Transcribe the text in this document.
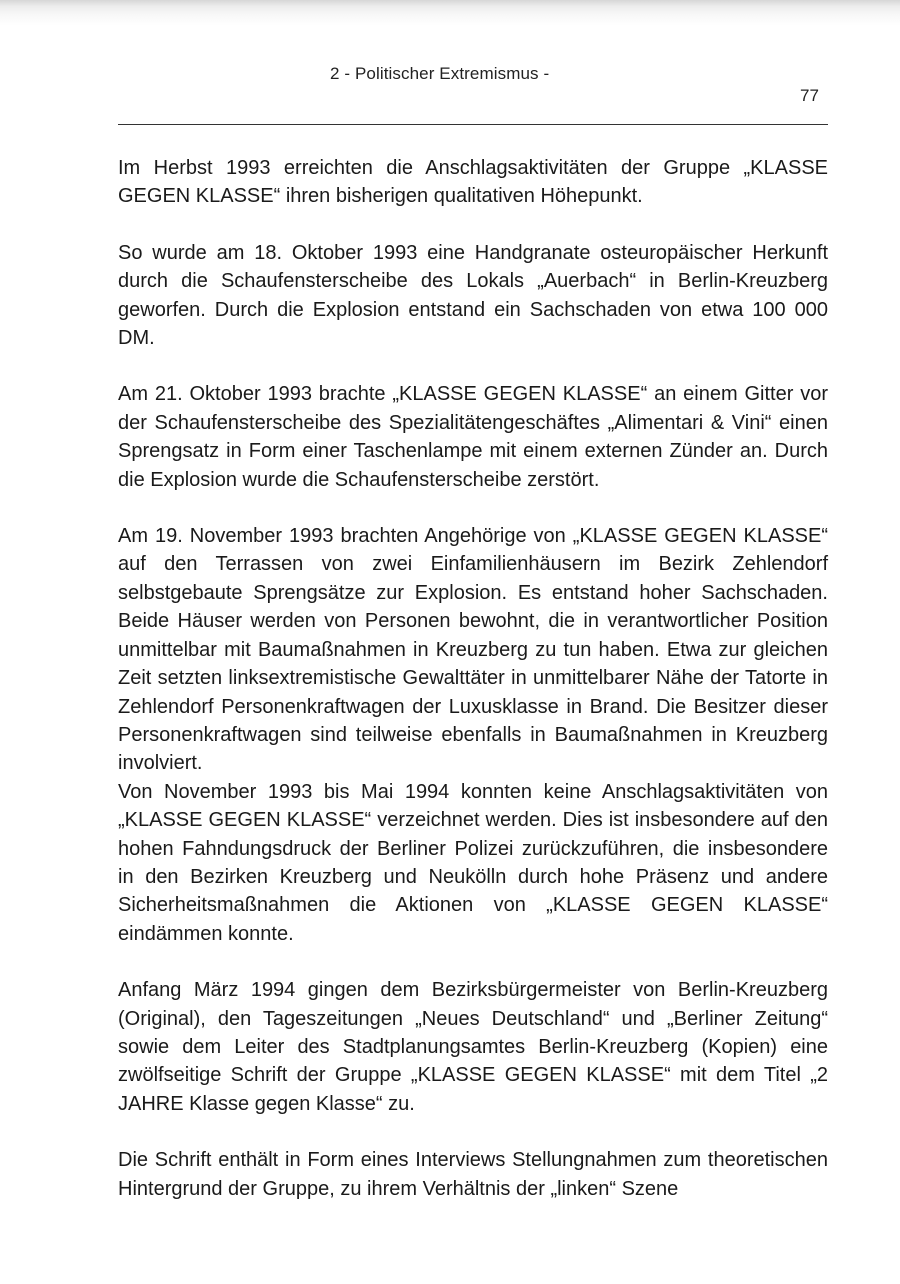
2 - Politischer Extremismus -
77

Im Herbst 1993 erreichten die Anschlagsaktivitäten der Gruppe „KLASSE GEGEN KLASSE“ ihren bisherigen qualitativen Höhepunkt.

So wurde am 18. Oktober 1993 eine Handgranate osteuropäischer Herkunft durch die Schaufensterscheibe des Lokals „Auerbach“ in Berlin-Kreuzberg geworfen. Durch die Explosion entstand ein Sachschaden von etwa 100 000 DM.

Am 21. Oktober 1993 brachte „KLASSE GEGEN KLASSE“ an einem Gitter vor der Schaufensterscheibe des Spezialitätengeschäftes „Alimentari & Vini“ einen Sprengsatz in Form einer Taschenlampe mit einem externen Zünder an. Durch die Explosion wurde die Schaufensterscheibe zerstört.

Am 19. November 1993 brachten Angehörige von „KLASSE GEGEN KLASSE“ auf den Terrassen von zwei Einfamilienhäusern im Bezirk Zehlendorf selbstgebaute Sprengsätze zur Explosion. Es entstand hoher Sachschaden. Beide Häuser werden von Personen bewohnt, die in verantwortlicher Position unmittelbar mit Baumaßnahmen in Kreuzberg zu tun haben. Etwa zur gleichen Zeit setzten linksextremistische Gewalttäter in unmittelbarer Nähe der Tatorte in Zehlendorf Personenkraftwagen der Luxusklasse in Brand. Die Besitzer dieser Personenkraftwagen sind teilweise ebenfalls in Baumaßnahmen in Kreuzberg involviert.

Von November 1993 bis Mai 1994 konnten keine Anschlagsaktivitäten von „KLASSE GEGEN KLASSE“ verzeichnet werden. Dies ist insbesondere auf den hohen Fahndungsdruck der Berliner Polizei zurückzuführen, die insbesondere in den Bezirken Kreuzberg und Neukölln durch hohe Präsenz und andere Sicherheitsmaßnahmen die Aktionen von „KLASSE GEGEN KLASSE“ eindämmen konnte.

Anfang März 1994 gingen dem Bezirksbürgermeister von Berlin-Kreuzberg (Original), den Tageszeitungen „Neues Deutschland“ und „Berliner Zeitung“ sowie dem Leiter des Stadtplanungsamtes Berlin-Kreuzberg (Kopien) eine zwölfseitige Schrift der Gruppe „KLASSE GEGEN KLASSE“ mit dem Titel „2 JAHRE Klasse gegen Klasse“ zu.

Die Schrift enthält in Form eines Interviews Stellungnahmen zum theoretischen Hintergrund der Gruppe, zu ihrem Verhältnis der „linken“ Szene
